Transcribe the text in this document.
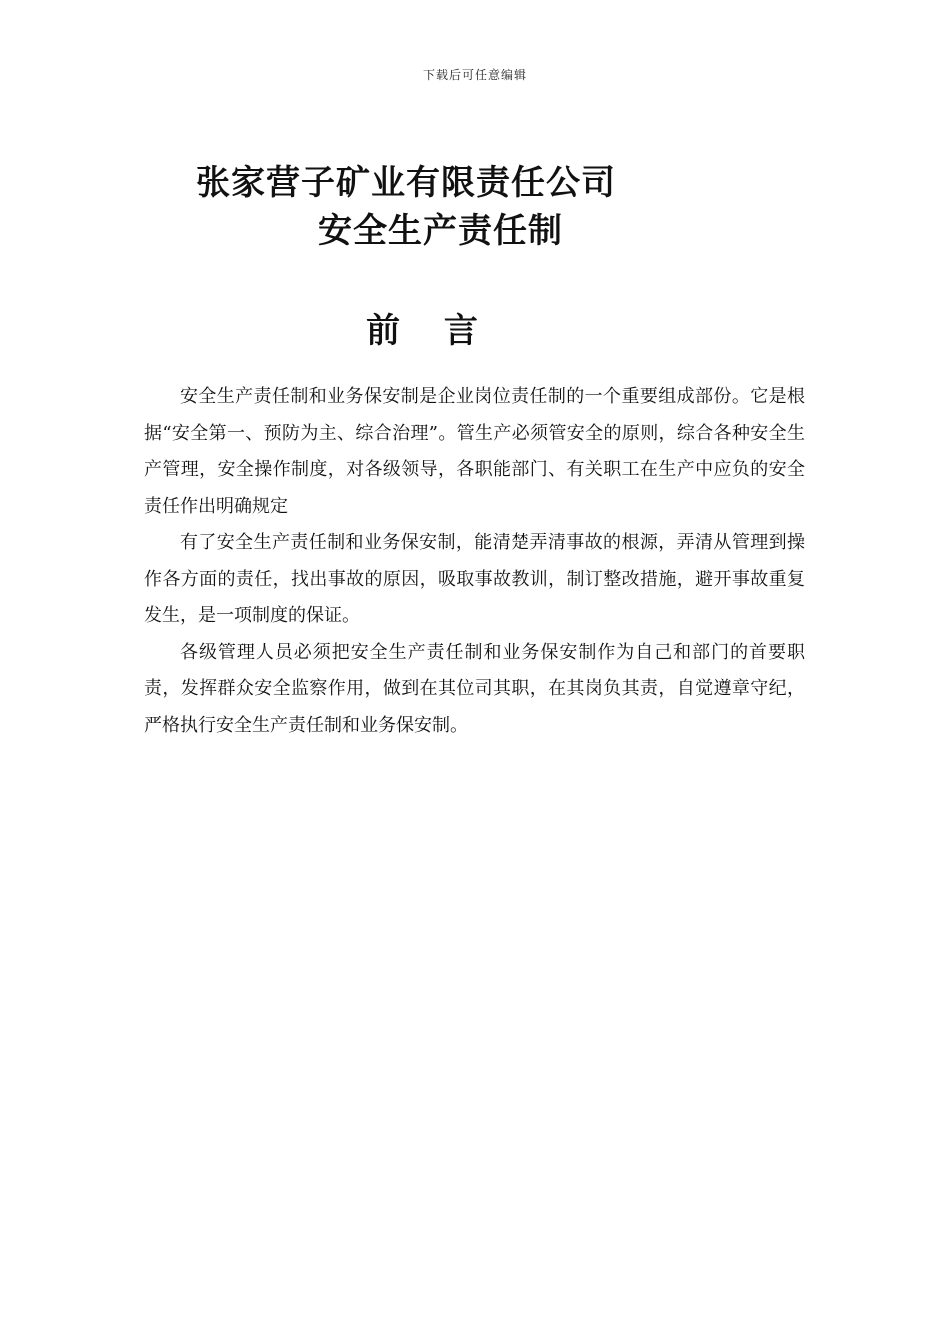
下载后可任意编辑
张家营子矿业有限责任公司
安全生产责任制
前 言

安全生产责任制和业务保安制是企业岗位责任制的一个重要组成部份。它是根据“安全第一、预防为主、综合治理”。管生产必须管安全的原则，综合各种安全生产管理，安全操作制度，对各级领导，各职能部门、有关职工在生产中应负的安全责任作出明确规定

有了安全生产责任制和业务保安制，能清楚弄清事故的根源，弄清从管理到操作各方面的责任，找出事故的原因，吸取事故教训，制订整改措施，避开事故重复发生，是一项制度的保证。

各级管理人员必须把安全生产责任制和业务保安制作为自己和部门的首要职责，发挥群众安全监察作用，做到在其位司其职，在其岗负其责，自觉遵章守纪，严格执行安全生产责任制和业务保安制。
